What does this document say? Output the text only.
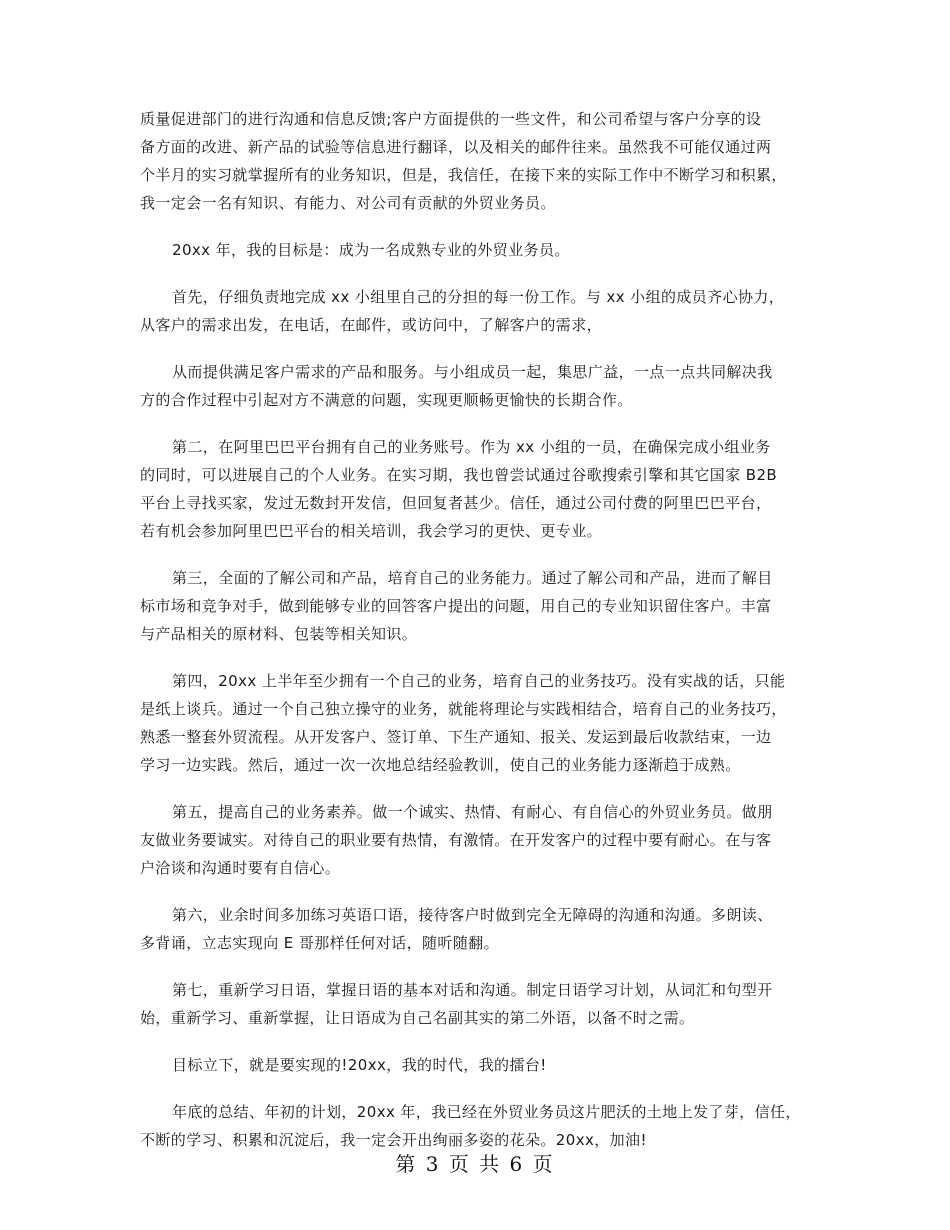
质量促进部门的进行沟通和信息反馈;客户方面提供的一些文件，和公司希望与客户分享的设
备方面的改进、新产品的试验等信息进行翻译，以及相关的邮件往来。虽然我不可能仅通过两
个半月的实习就掌握所有的业务知识，但是，我信任，在接下来的实际工作中不断学习和积累，
我一定会一名有知识、有能力、对公司有贡献的外贸业务员。
20xx 年，我的目标是：成为一名成熟专业的外贸业务员。
首先，仔细负责地完成 xx 小组里自己的分担的每一份工作。与 xx 小组的成员齐心协力，
从客户的需求出发，在电话，在邮件，或访问中，了解客户的需求，
从而提供满足客户需求的产品和服务。与小组成员一起，集思广益，一点一点共同解决我
方的合作过程中引起对方不满意的问题，实现更顺畅更愉快的长期合作。
第二，在阿里巴巴平台拥有自己的业务账号。作为 xx 小组的一员，在确保完成小组业务
的同时，可以进展自己的个人业务。在实习期，我也曾尝试通过谷歌搜索引擎和其它国家 B2B
平台上寻找买家，发过无数封开发信，但回复者甚少。信任，通过公司付费的阿里巴巴平台，
若有机会参加阿里巴巴平台的相关培训，我会学习的更快、更专业。
第三，全面的了解公司和产品，培育自己的业务能力。通过了解公司和产品，进而了解目
标市场和竞争对手，做到能够专业的回答客户提出的问题，用自己的专业知识留住客户。丰富
与产品相关的原材料、包装等相关知识。
第四，20xx 上半年至少拥有一个自己的业务，培育自己的业务技巧。没有实战的话，只能
是纸上谈兵。通过一个自己独立操守的业务，就能将理论与实践相结合，培育自己的业务技巧，
熟悉一整套外贸流程。从开发客户、签订单、下生产通知、报关、发运到最后收款结束，一边
学习一边实践。然后，通过一次一次地总结经验教训，使自己的业务能力逐渐趋于成熟。
第五，提高自己的业务素养。做一个诚实、热情、有耐心、有自信心的外贸业务员。做朋
友做业务要诚实。对待自己的职业要有热情，有激情。在开发客户的过程中要有耐心。在与客
户洽谈和沟通时要有自信心。
第六，业余时间多加练习英语口语，接待客户时做到完全无障碍的沟通和沟通。多朗读、
多背诵，立志实现向 E 哥那样任何对话，随听随翻。
第七，重新学习日语，掌握日语的基本对话和沟通。制定日语学习计划，从词汇和句型开
始，重新学习、重新掌握，让日语成为自己名副其实的第二外语，以备不时之需。
目标立下，就是要实现的!20xx，我的时代，我的擂台!
年底的总结、年初的计划，20xx 年，我已经在外贸业务员这片肥沃的土地上发了芽，信任，
不断的学习、积累和沉淀后，我一定会开出绚丽多姿的花朵。20xx，加油!
第 3 页 共 6 页
